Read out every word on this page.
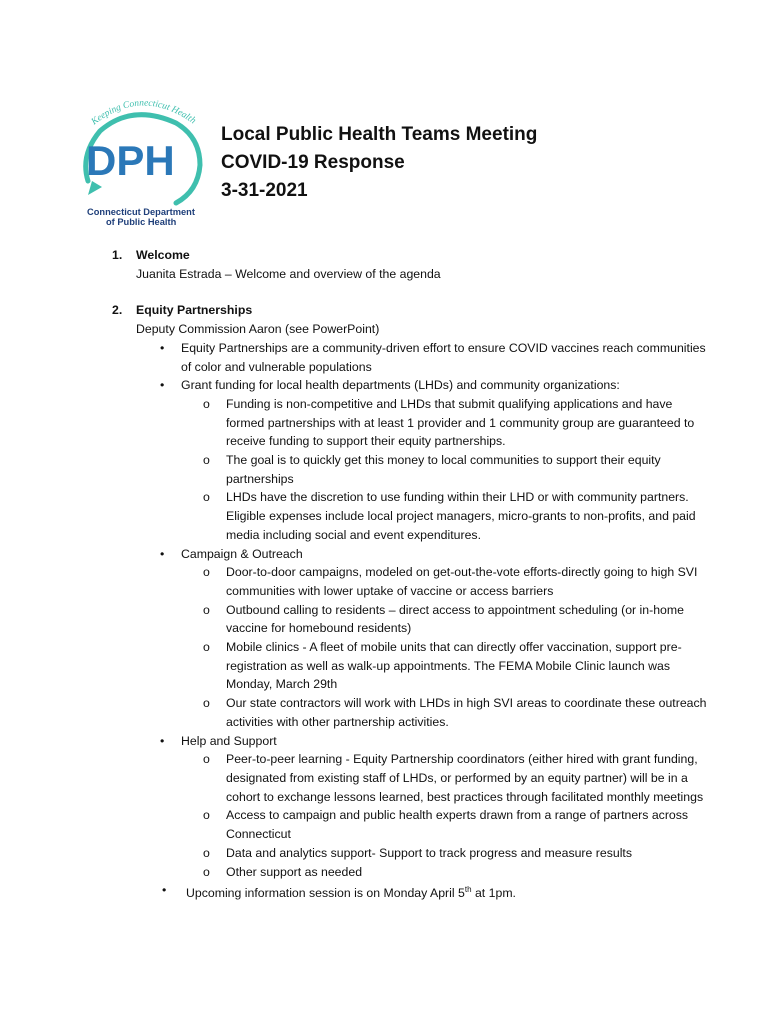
Keeping Connecticut Health
DPH
Connecticut Department
of Public Health
Local Public Health Teams Meeting
COVID-19 Response
3-31-2021
1.	Welcome
Juanita Estrada – Welcome and overview of the agenda
2.	Equity Partnerships
Deputy Commission Aaron (see PowerPoint)
• Equity Partnerships are a community-driven effort to ensure COVID vaccines reach communities of color and vulnerable populations
• Grant funding for local health departments (LHDs) and community organizations:
o Funding is non-competitive and LHDs that submit qualifying applications and have formed partnerships with at least 1 provider and 1 community group are guaranteed to receive funding to support their equity partnerships.
o The goal is to quickly get this money to local communities to support their equity partnerships
o LHDs have the discretion to use funding within their LHD or with community partners. Eligible expenses include local project managers, micro-grants to non-profits, and paid media including social and event expenditures.
• Campaign & Outreach
o Door-to-door campaigns, modeled on get-out-the-vote efforts-directly going to high SVI communities with lower uptake of vaccine or access barriers
o Outbound calling to residents – direct access to appointment scheduling (or in-home vaccine for homebound residents)
o Mobile clinics - A fleet of mobile units that can directly offer vaccination, support pre-registration as well as walk-up appointments. The FEMA Mobile Clinic launch was Monday, March 29th
o Our state contractors will work with LHDs in high SVI areas to coordinate these outreach activities with other partnership activities.
• Help and Support
o Peer-to-peer learning - Equity Partnership coordinators (either hired with grant funding, designated from existing staff of LHDs, or performed by an equity partner) will be in a cohort to exchange lessons learned, best practices through facilitated monthly meetings
o Access to campaign and public health experts drawn from a range of partners across Connecticut
o Data and analytics support- Support to track progress and measure results
o Other support as needed
• Upcoming information session is on Monday April 5th at 1pm.
